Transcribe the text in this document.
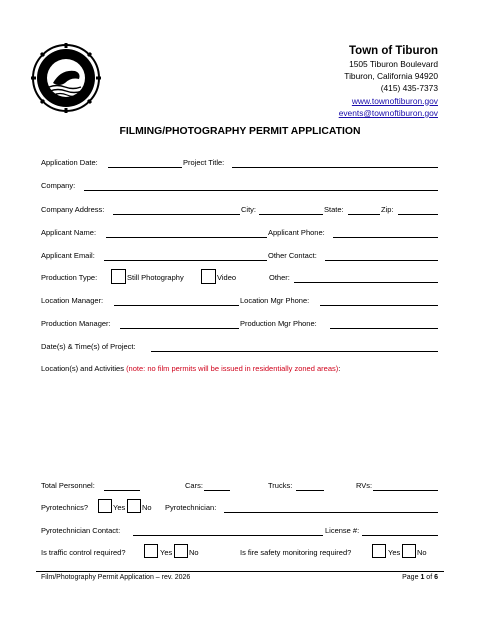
Town of Tiburon
1505 Tiburon Boulevard
Tiburon, California 94920
(415) 435-7373
www.townoftiburon.gov
events@townoftiburon.gov
FILMING/PHOTOGRAPHY PERMIT APPLICATION
Application Date:	Project Title:
Company:
Company Address:	City:	State:	Zip:
Applicant Name:	Applicant Phone:
Applicant Email:	Other Contact:
Production Type:	Still Photography	Video	Other:
Location Manager:	Location Mgr Phone:
Production Manager:	Production Mgr Phone:
Date(s) & Time(s) of Project:
Location(s) and Activities (note: no film permits will be issued in residentially zoned areas):
Total Personnel:	Cars:	Trucks:	RVs:
Pyrotechnics?	Yes No Pyrotechnician:
Pyrotechnician Contact:	License #:
Is traffic control required?	Yes No	Is fire safety monitoring required?	Yes No
Film/Photography Permit Application – rev. 2026	Page 1 of 6
